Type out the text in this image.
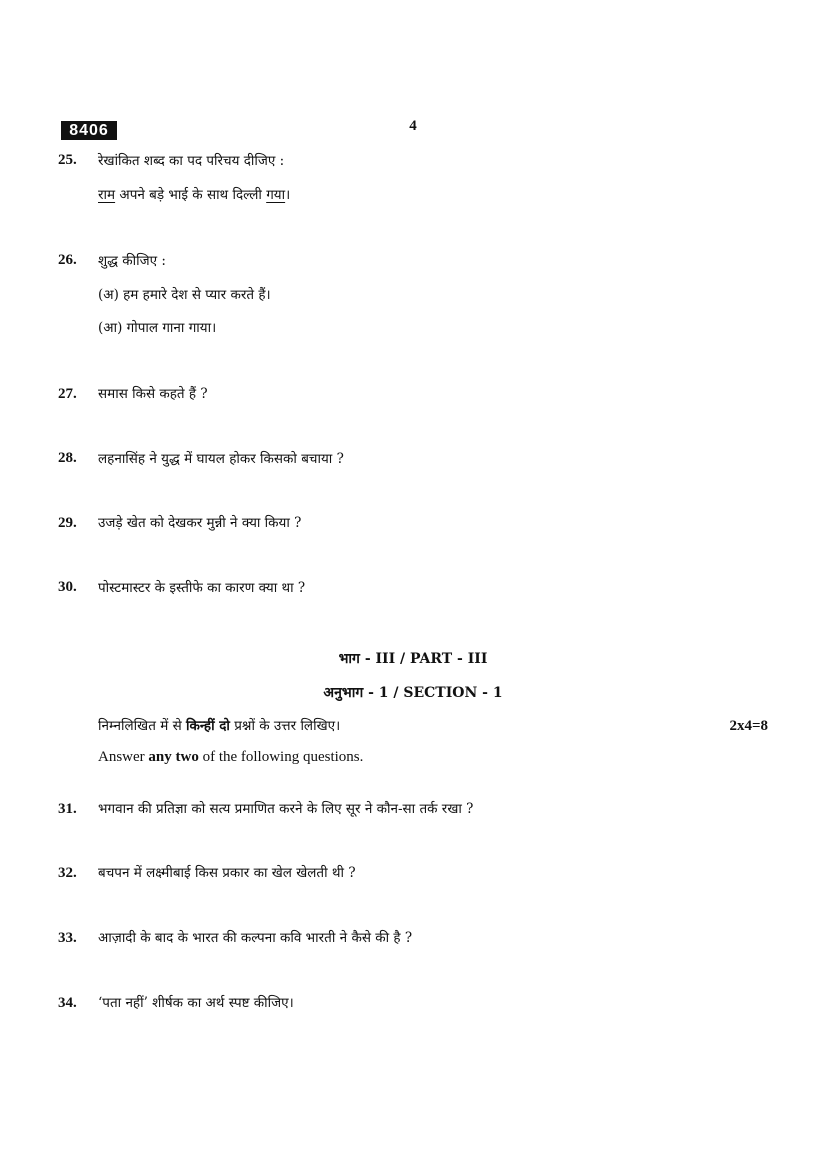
8406	4
25.	रेखांकित शब्द का पद परिचय दीजिए :
राम अपने बड़े भाई के साथ दिल्ली गया।
26.	शुद्ध कीजिए :
(अ) हम हमारे देश से प्यार करते हैं।
(आ) गोपाल गाना गाया।
27.	समास किसे कहते हैं ?
28.	लहनासिंह ने युद्ध में घायल होकर किसको बचाया ?
29.	उजड़े खेत को देखकर मुन्नी ने क्या किया ?
30.	पोस्टमास्टर के इस्तीफे का कारण क्या था ?
भाग - III / PART - III
अनुभाग - 1 / SECTION - 1
निम्नलिखित में से किन्हीं दो प्रश्नों के उत्तर लिखिए।	2x4=8
Answer any two of the following questions.
31.	भगवान की प्रतिज्ञा को सत्य प्रमाणित करने के लिए सूर ने कौन-सा तर्क रखा ?
32.	बचपन में लक्ष्मीबाई किस प्रकार का खेल खेलती थी ?
33.	आज़ादी के बाद के भारत की कल्पना कवि भारती ने कैसे की है ?
34.	‘पता नहीं’ शीर्षक का अर्थ स्पष्ट कीजिए।
